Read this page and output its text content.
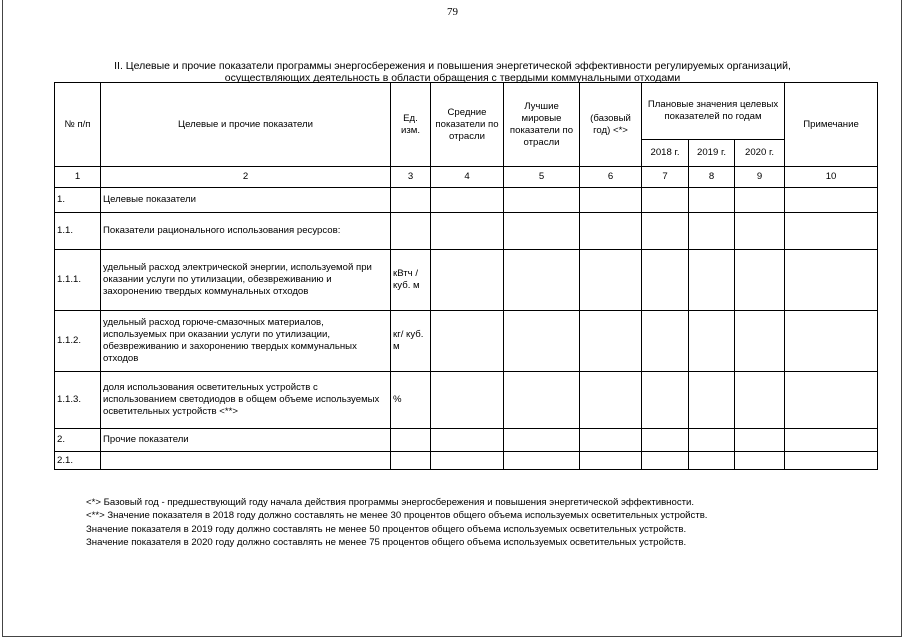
79
II. Целевые и прочие показатели программы энергосбережения и повышения энергетической эффективности регулируемых организаций,
осуществляющих деятельность в области обращения с твердыми коммунальными отходами
№ п/п	Целевые и прочие показатели	Ед. изм.	Средние показатели по отрасли	Лучшие мировые показатели по отрасли	(базовый год) <*>	Плановые значения целевых показателей по годам			Примечание
						2018 г.	2019 г.	2020 г.	
1	2	3	4	5	6	7	8	9	10
1.	Целевые показатели								
1.1.	Показатели рационального использования ресурсов:								
1.1.1.	удельный расход электрической энергии, используемой при оказании услуги по утилизации, обезвреживанию и захоронению твердых коммунальных отходов	кВтч /куб. м							
1.1.2.	удельный расход горюче-смазочных материалов, используемых при оказании услуги по утилизации, обезвреживанию и захоронению твердых коммунальных отходов	кг/ куб. м							
1.1.3.	доля использования осветительных устройств с использованием светодиодов в общем объеме используемых осветительных устройств <**>	%							
2.	Прочие показатели								
2.1.									
<*> Базовый год - предшествующий году начала действия программы энергосбережения и повышения энергетической эффективности.
<**> Значение показателя в 2018 году должно составлять не менее 30 процентов общего объема используемых осветительных устройств.
Значение показателя в 2019 году должно составлять не менее 50 процентов общего объема используемых осветительных устройств.
Значение показателя в 2020 году должно составлять не менее 75 процентов общего объема используемых осветительных устройств.
